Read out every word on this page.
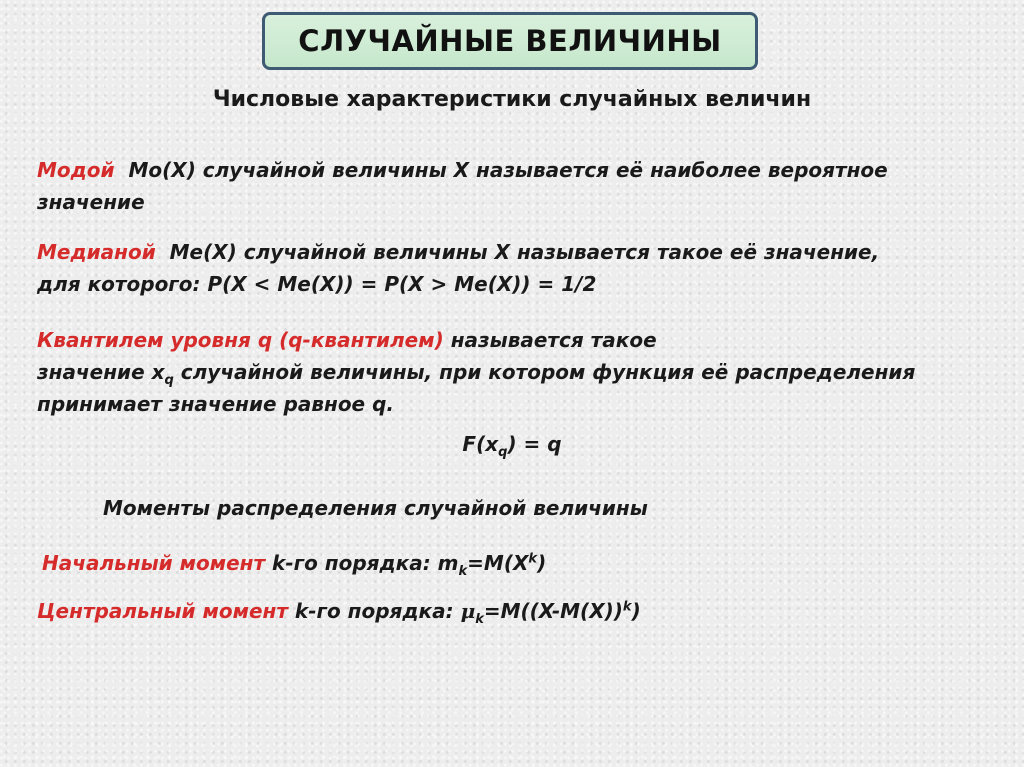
СЛУЧАЙНЫЕ ВЕЛИЧИНЫ
Числовые характеристики случайных величин
Модой Mo(X) случайной величины X называется её наиболее вероятное значение
Медианой Me(X) случайной величины X называется такое её значение,
для которого: P(X < Me(X)) = P(X > Me(X)) = 1/2
Квантилем уровня q (q-квантилем) называется такое
значение $x_q$ случайной величины, при котором функция её распределения
принимает значение равное q.
$F(x_q) = q$
Моменты распределения случайной величины
Начальный момент k-го порядка: $m_k=M(X^k)$
Центральный момент k-го порядка: $\mu_k=M((X-M(X))^k)$
